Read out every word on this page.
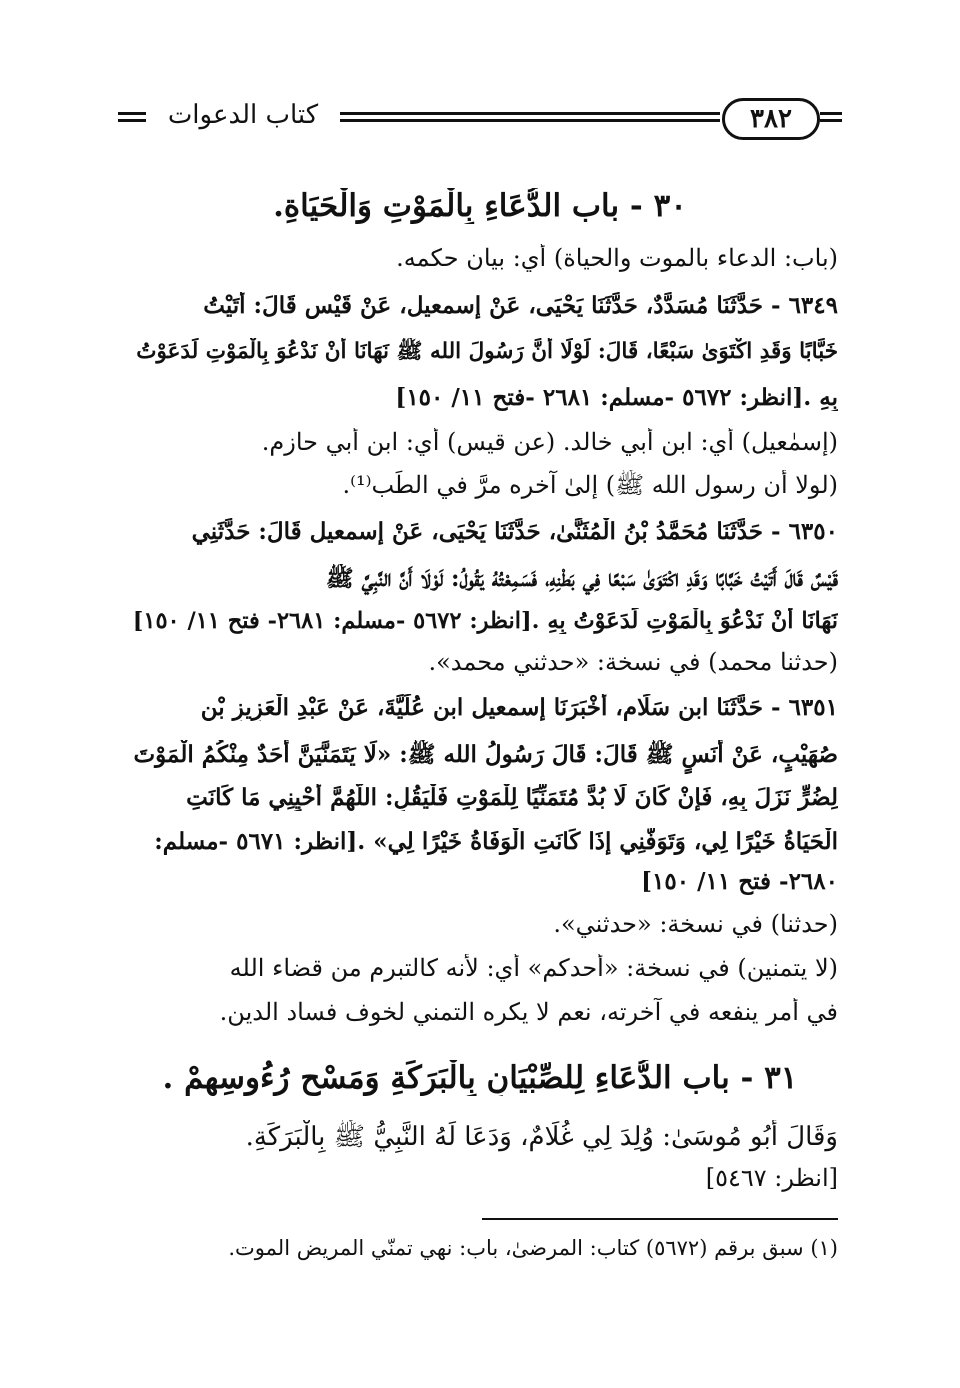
كتاب الدعوات	٣٨٢
٣٠ - باب الدُّعَاءِ بِالْمَوْتِ وَالْحَيَاةِ.
(باب: الدعاء بالموت والحياة) أي: بيان حكمه.
٦٣٤٩ - حَدَّثَنَا مُسَدَّدٌ، حَدَّثَنَا يَحْيَى، عَنْ إسمعيل، عَنْ قَيْسٍ قَالَ: أَتَيْتُ
خَبَّابًا وَقَدِ اكْتَوَىٰ سَبْعًا، قَالَ: لَوْلَا أَنَّ رَسُولَ الله ﷺ نَهَانَا أَنْ نَدْعُوَ بِالْمَوْتِ لَدَعَوْتُ
بِهِ .[انظر: ٥٦٧٢ -مسلم: ٢٦٨١ -فتح ١١/ ١٥٠]
(إسمٰعيل) أي: ابن أبي خالد. (عن قيس) أي: ابن أبي حازم.
(لولا أن رسول الله ﷺ) إلىٰ آخره مرَّ في الطِّب⁽¹⁾.
٦٣٥٠ - حَدَّثَنَا مُحَمَّدُ بْنُ الْمُثَنَّىٰ، حَدَّثَنَا يَحْيَى، عَنْ إسمعيل قَالَ: حَدَّثَنِي
قَيْسٌ قَالَ أَتَيْتُ خَبَّابًا وَقَدِ اكْتَوَىٰ سَبْعًا فِي بَطْنِهِ، فَسَمِعْتُهُ يَقُولُ: لَوْلَا أَنَّ النَّبِيَّ ﷺ
نَهَانَا أَنْ نَدْعُوَ بِالْمَوْتِ لَدَعَوْتُ بِهِ .[انظر: ٥٦٧٢ -مسلم: ٢٦٨١- فتح ١١/ ١٥٠]
(حدثنا محمد) في نسخة: «حدثني محمد».
٦٣٥١ - حَدَّثَنَا ابن سَلَام، أَخْبَرَنَا إسمعيل ابن عُلَيَّةَ، عَنْ عَبْدِ الْعَزِيزِ بْنِ
صُهَيْبٍ، عَنْ أَنَسٍ ﷺ قَالَ: قَالَ رَسُولُ الله ﷺ: «لَا يَتَمَنَّيَنَّ أَحَدٌ مِنْكُمُ الْمَوْتَ
لِضُرٍّ نَزَلَ بِهِ، فَإِنْ كَانَ لَا بُدَّ مُتَمَنِّيًا لِلْمَوْتِ فَلْيَقُلِ: اللَّهُمَّ أَحْيِنِي مَا كَانَتِ
الْحَيَاةُ خَيْرًا لِي، وَتَوَفَّنِي إِذَا كَانَتِ الْوَفَاةُ خَيْرًا لِي» .[انظر: ٥٦٧١ -مسلم:
٢٦٨٠- فتح ١١/ ١٥٠]
(حدثنا) في نسخة: «حدثني».
(لا يتمنين) في نسخة: «أحدكم» أي: لأنه كالتبرم من قضاء الله
في أمر ينفعه في آخرته، نعم لا يكره التمني لخوف فساد الدين.
٣١ - باب الدُّعَاءِ لِلصِّبْيَانِ بِالْبَرَكَةِ وَمَسْحِ رُءُوسِهِمْ .
وَقَالَ أَبُو مُوسَىٰ: وُلِدَ لِي غُلَامٌ، وَدَعَا لَهُ النَّبِيُّ ﷺ بِالْبَرَكَةِ.
[انظر: ٥٤٦٧]
(١) سبق برقم (٥٦٧٢) كتاب: المرضىٰ، باب: نهي تمنّي المريض الموت.
